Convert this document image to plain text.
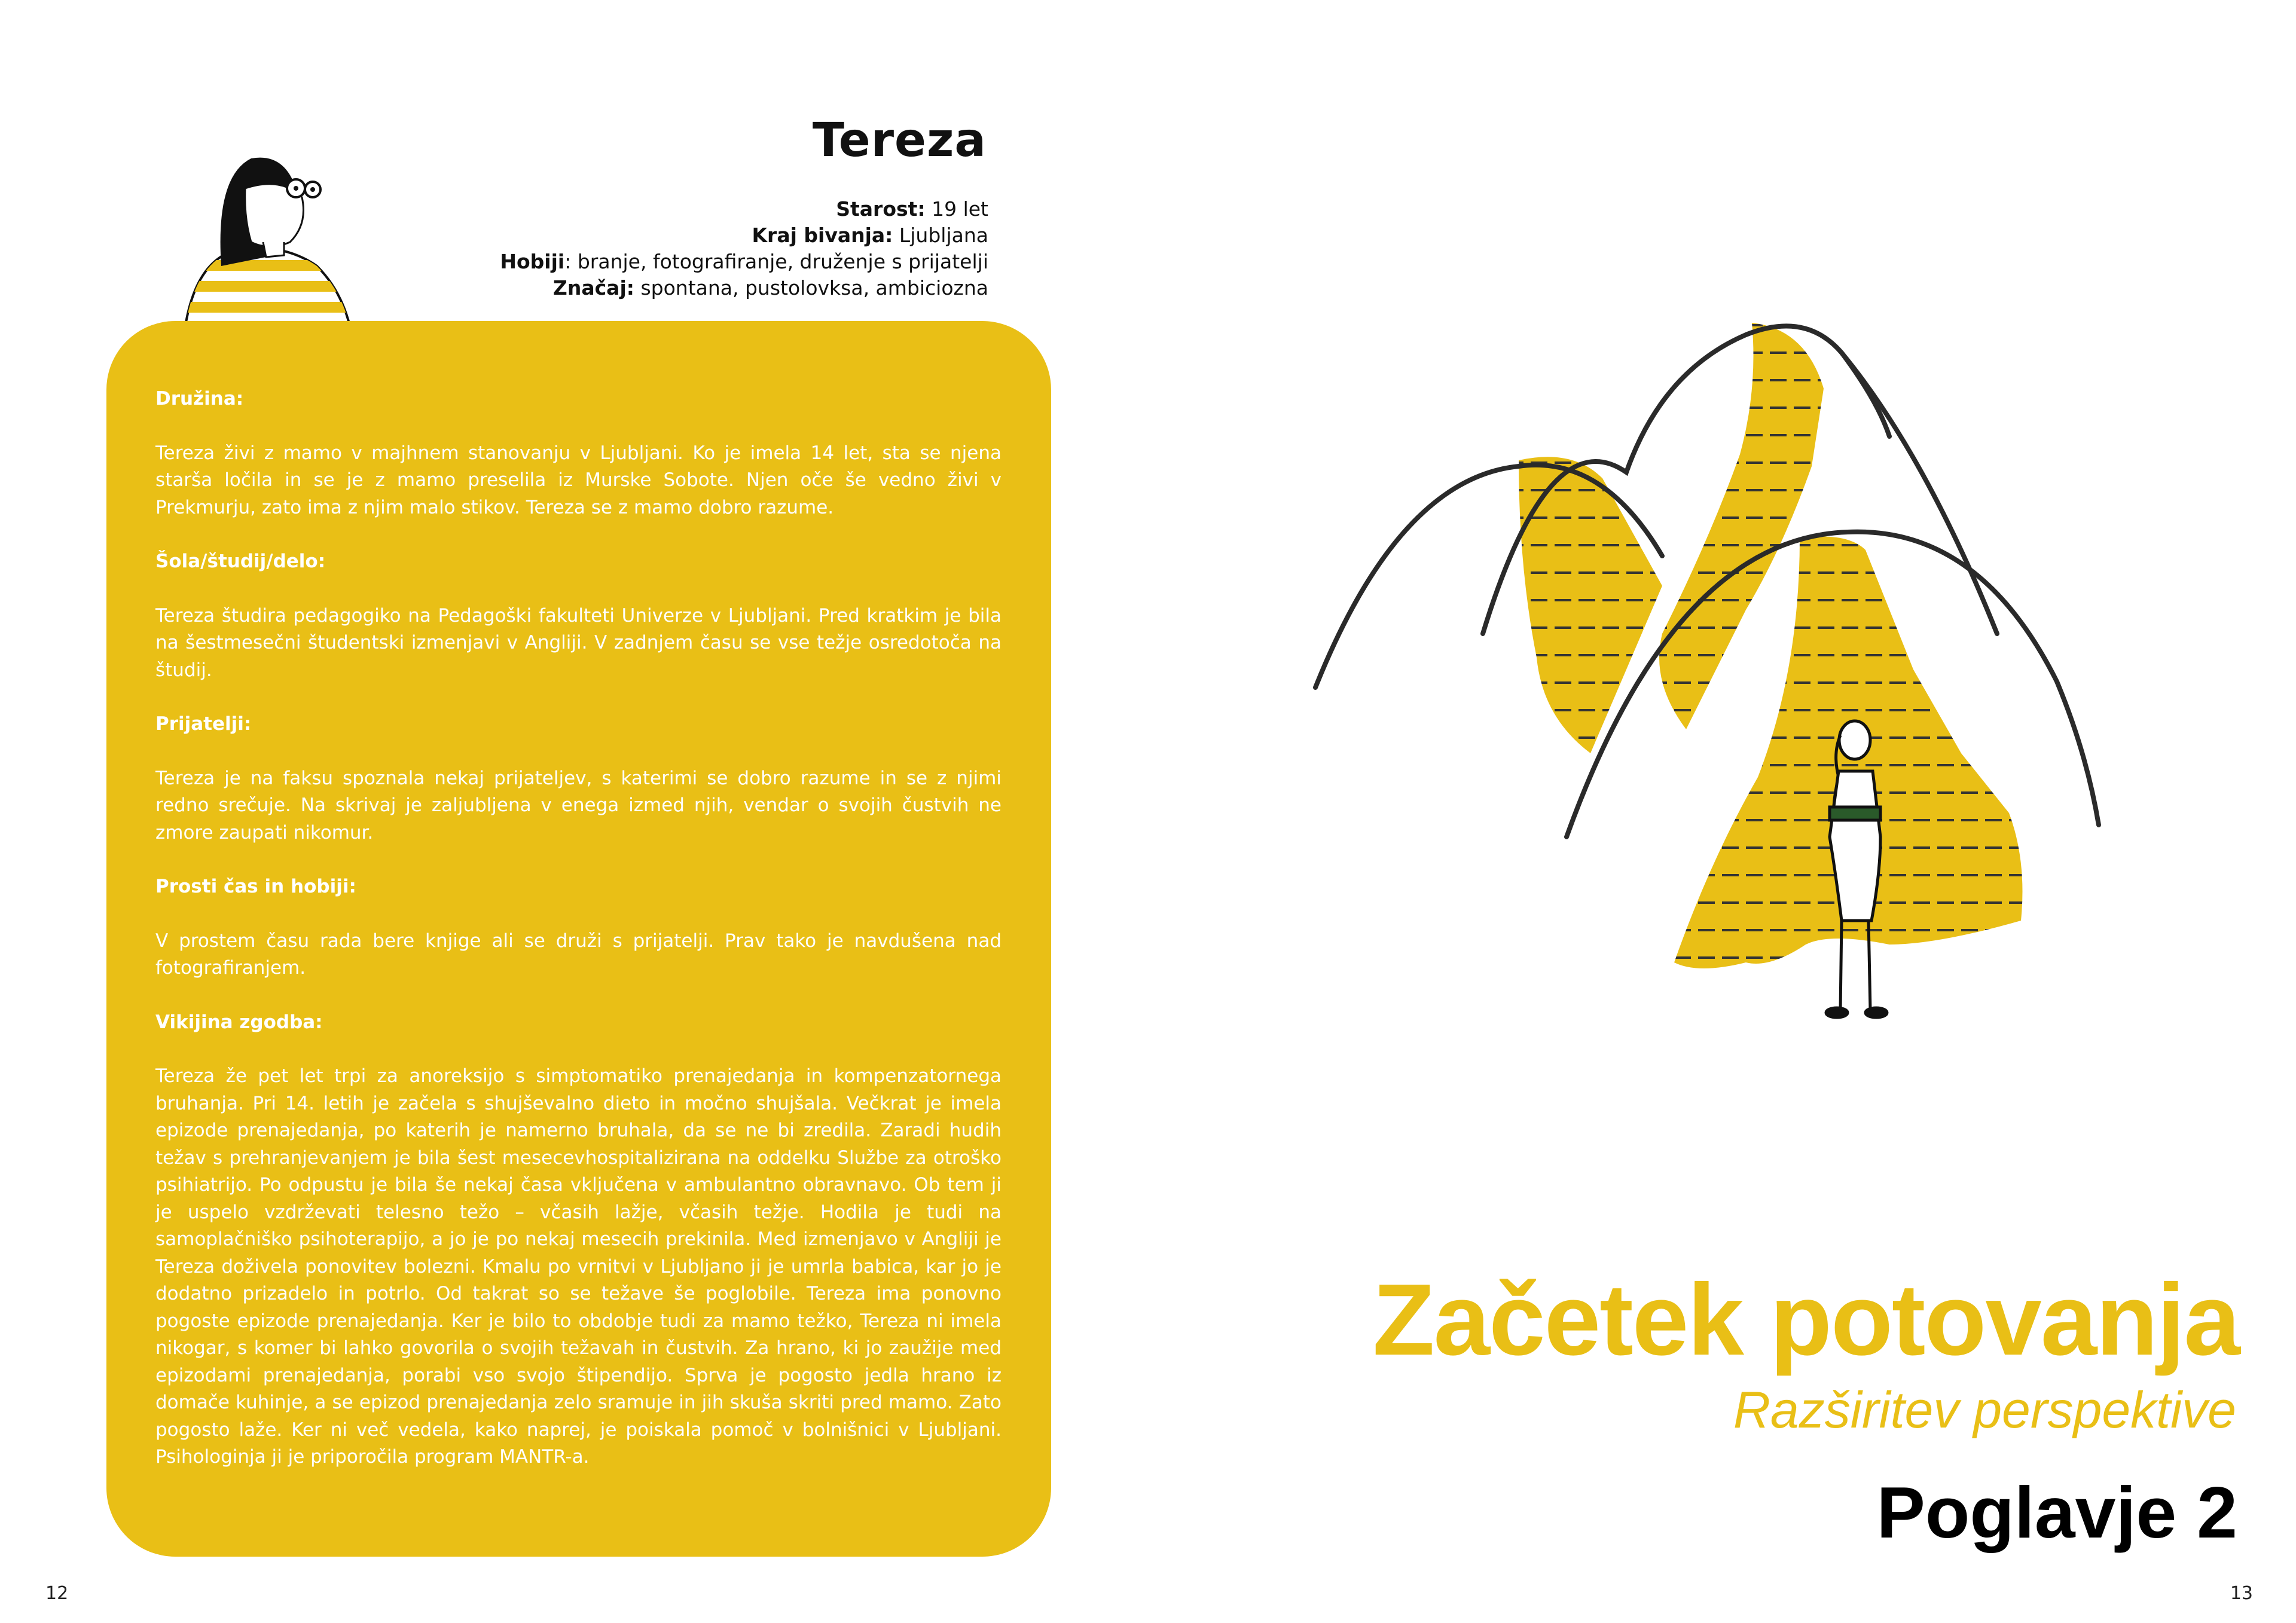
Tereza
Starost: 19 let
Kraj bivanja: Ljubljana
Hobiji: branje, fotografiranje, druženje s prijatelji
Značaj: spontana, pustolovksa, ambiciozna

Družina:

Tereza živi z mamo v majhnem stanovanju v Ljubljani. Ko je imela 14 let, sta se njena starša ločila in se je z mamo preselila iz Murske Sobote. Njen oče še vedno živi v Prekmurju, zato ima z njim malo stikov. Tereza se z mamo dobro razume.

Šola/študij/delo:

Tereza študira pedagogiko na Pedagoški fakulteti Univerze v Ljubljani. Pred kratkim je bila na šestmesečni študentski izmenjavi v Angliji. V zadnjem času se vse težje osredotoča na študij.

Prijatelji:

Tereza je na faksu spoznala nekaj prijateljev, s katerimi se dobro razume in se z njimi redno srečuje. Na skrivaj je zaljubljena v enega izmed njih, vendar o svojih čustvih ne zmore zaupati nikomur.

Prosti čas in hobiji:

V prostem času rada bere knjige ali se druži s prijatelji. Prav tako je navdušena nad fotografiranjem.

Vikijina zgodba:

Tereza že pet let trpi za anoreksijo s simptomatiko prenajedanja in kompenzatornega bruhanja. Pri 14. letih je začela s shujševalno dieto in močno shujšala. Večkrat je imela epizode prenajedanja, po katerih je namerno bruhala, da se ne bi zredila. Zaradi hudih težav s prehranjevanjem je bila šest mesecevhospitalizirana na oddelku Službe za otroško psihiatrijo. Po odpustu je bila še nekaj časa vključena v ambulantno obravnavo. Ob tem ji je uspelo vzdrževati telesno težo – včasih lažje, včasih težje. Hodila je tudi na samoplačniško psihoterapijo, a jo je po nekaj mesecih prekinila. Med izmenjavo v Angliji je Tereza doživela ponovitev bolezni. Kmalu po vrnitvi v Ljubljano ji je umrla babica, kar jo je dodatno prizadelo in potrlo. Od takrat so se težave še poglobile. Tereza ima ponovno pogoste epizode prenajedanja. Ker je bilo to obdobje tudi za mamo težko, Tereza ni imela nikogar, s komer bi lahko govorila o svojih težavah in čustvih. Za hrano, ki jo zaužije med epizodami prenajedanja, porabi vso svojo štipendijo. Sprva je pogosto jedla hrano iz domače kuhinje, a se epizod prenajedanja zelo sramuje in jih skuša skriti pred mamo. Zato pogosto laže. Ker ni več vedela, kako naprej, je poiskala pomoč v bolnišnici v Ljubljani. Psihologinja ji je priporočila program MANTR-a.

12
Začetek potovanja
Razširitev perspektive
Poglavje 2
13
